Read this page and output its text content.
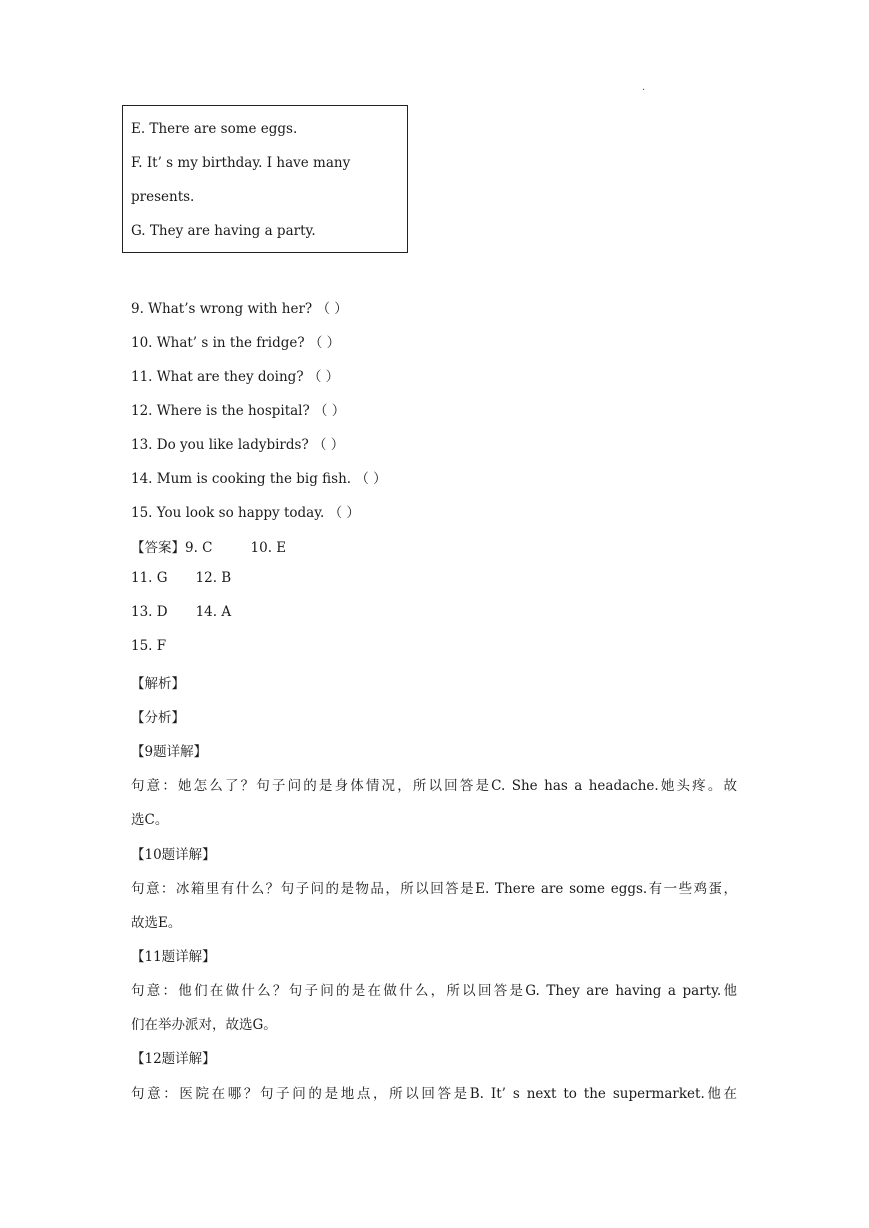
.
E. There are some eggs.
F. It’ s my birthday. I have many
presents.
G. They are having a party.
9. What’s wrong with her? （ ）
10. What’ s in the fridge? （ ）
11. What are they doing? （ ）
12. Where is the hospital? （ ）
13. Do you like ladybirds? （ ）
14. Mum is cooking the big fish. （ ）
15. You look so happy today. （ ）
【答案】9. C	10. E
11. G 12. B
13. D 14. A
15. F
【解析】
【分析】
【9题详解】
句意：她怎么了？句子问的是身体情况，所以回答是C. She has a headache.她头疼。故
选C。
【10题详解】
句意：冰箱里有什么？句子问的是物品，所以回答是E. There are some eggs.有一些鸡蛋，
故选E。
【11题详解】
句意：他们在做什么？句子问的是在做什么，所以回答是G. They are having a party.他
们在举办派对，故选G。
【12题详解】
句意：医院在哪？句子问的是地点，所以回答是B. It’ s next to the supermarket.他在
